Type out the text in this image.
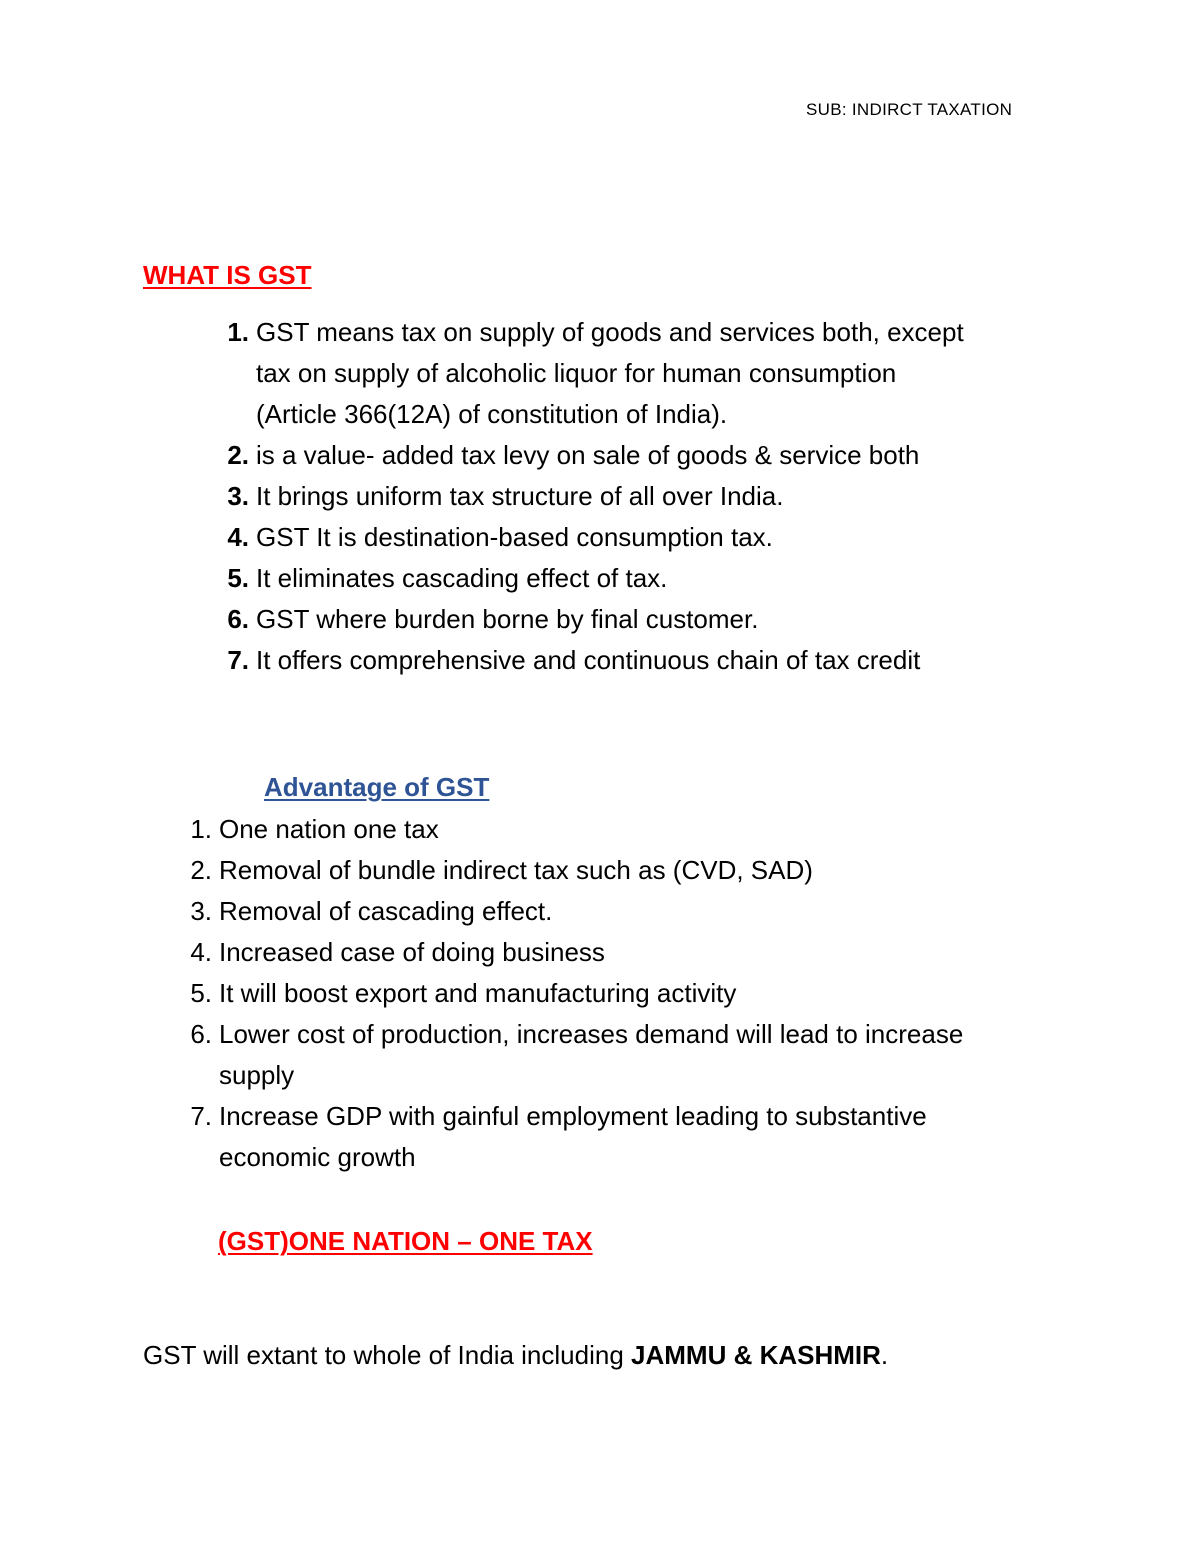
SUB: INDIRCT TAXATION
WHAT IS GST
1. GST means tax on supply of goods and services both, except
tax on supply of alcoholic liquor for human consumption
(Article 366(12A) of constitution of India).
2. is a value- added tax levy on sale of goods & service both
3. It brings uniform tax structure of all over India.
4. GST It is destination-based consumption tax.
5. It eliminates cascading effect of tax.
6. GST where burden borne by final customer.
7. It offers comprehensive and continuous chain of tax credit
Advantage of GST
1. One nation one tax
2. Removal of bundle indirect tax such as (CVD, SAD)
3. Removal of cascading effect.
4. Increased case of doing business
5. It will boost export and manufacturing activity
6. Lower cost of production, increases demand will lead to increase
supply
7. Increase GDP with gainful employment leading to substantive
economic growth
(GST)ONE NATION – ONE TAX
GST will extant to whole of India including JAMMU & KASHMIR.
